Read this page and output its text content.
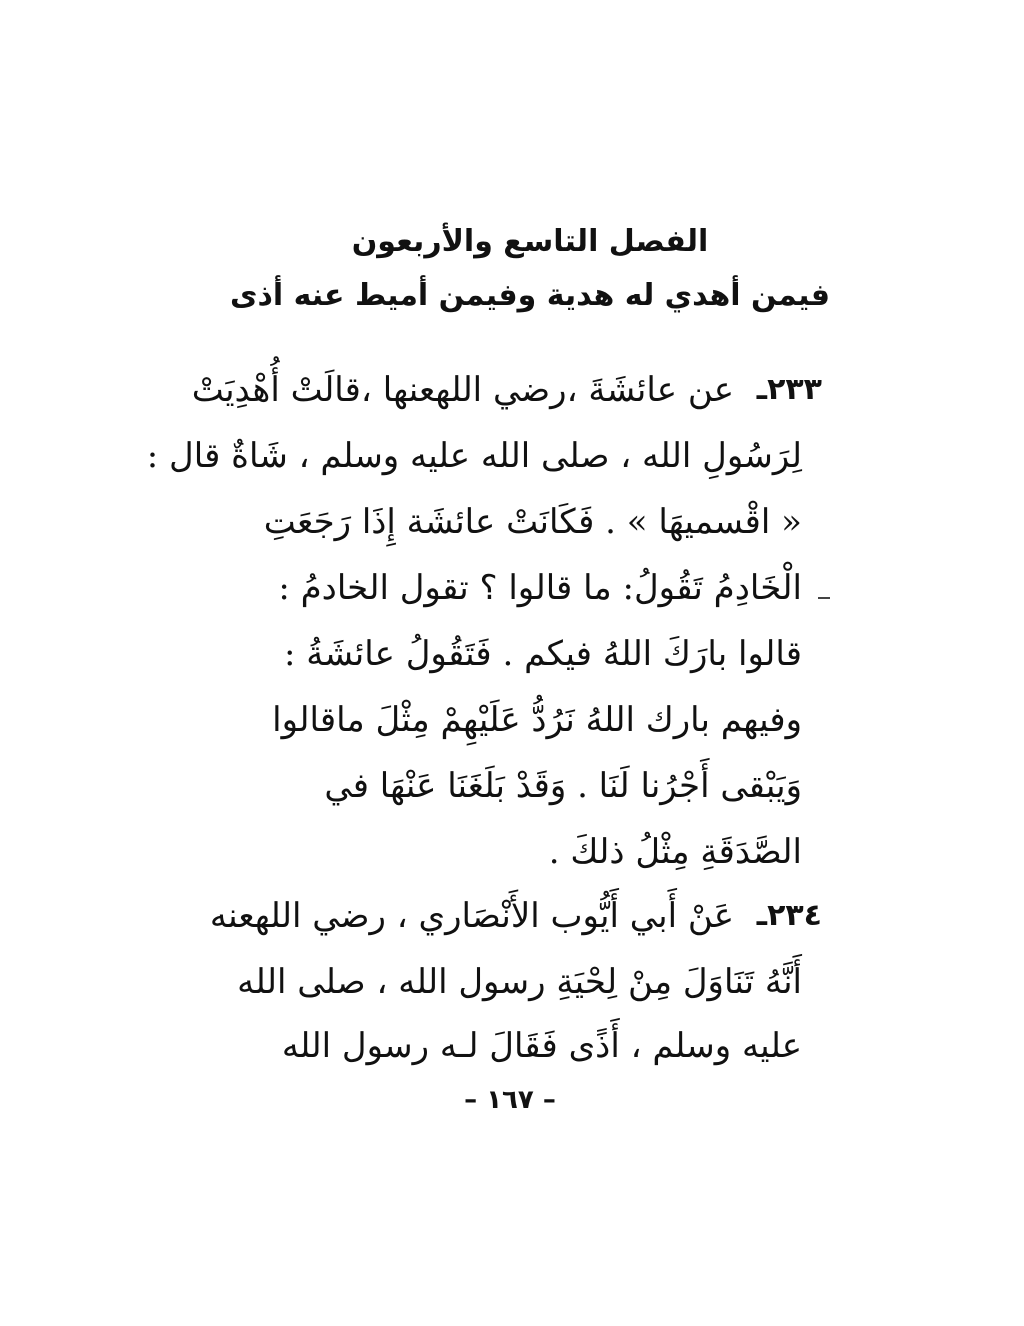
الفصل التاسع والأربعون
فيمن أهدي له هدية وفيمن أميط عنه أذى
٢٣٣ـ
عن عائشَةَ ،رضي اللهعنها ،قالَتْ أُهْدِيَتْ
لِرَسُولِ الله ، صلى الله عليه وسلم ، شَاةٌ قال :
« اقْسميهَا » . فَكَانَتْ عائشَة إِذَا رَجَعَتِ
الْخَادِمُ تَقُولُ: ما قالوا ؟ تقول الخادمُ :
قالوا بارَكَ اللهُ فيكم . فَتَقُولُ عائشَةُ :
وفيهم بارك اللهُ نَرُدُّ عَلَيْهِمْ مِثْلَ ماقالوا
وَيَبْقى أَجْرُنا لَنَا . وَقَدْ بَلَغَنَا عَنْهَا في
الصَّدَقَةِ مِثْلُ ذلكَ .
٢٣٤ـ
عَنْ أَبي أَيُّوب الأَنْصَاري ، رضي اللهعنه
أَنَّهُ تَنَاوَلَ مِنْ لِحْيَةِ رسول الله ، صلى الله
عليه وسلم ، أَذًى فَقَالَ لـه رسول الله
– ١٦٧ –
